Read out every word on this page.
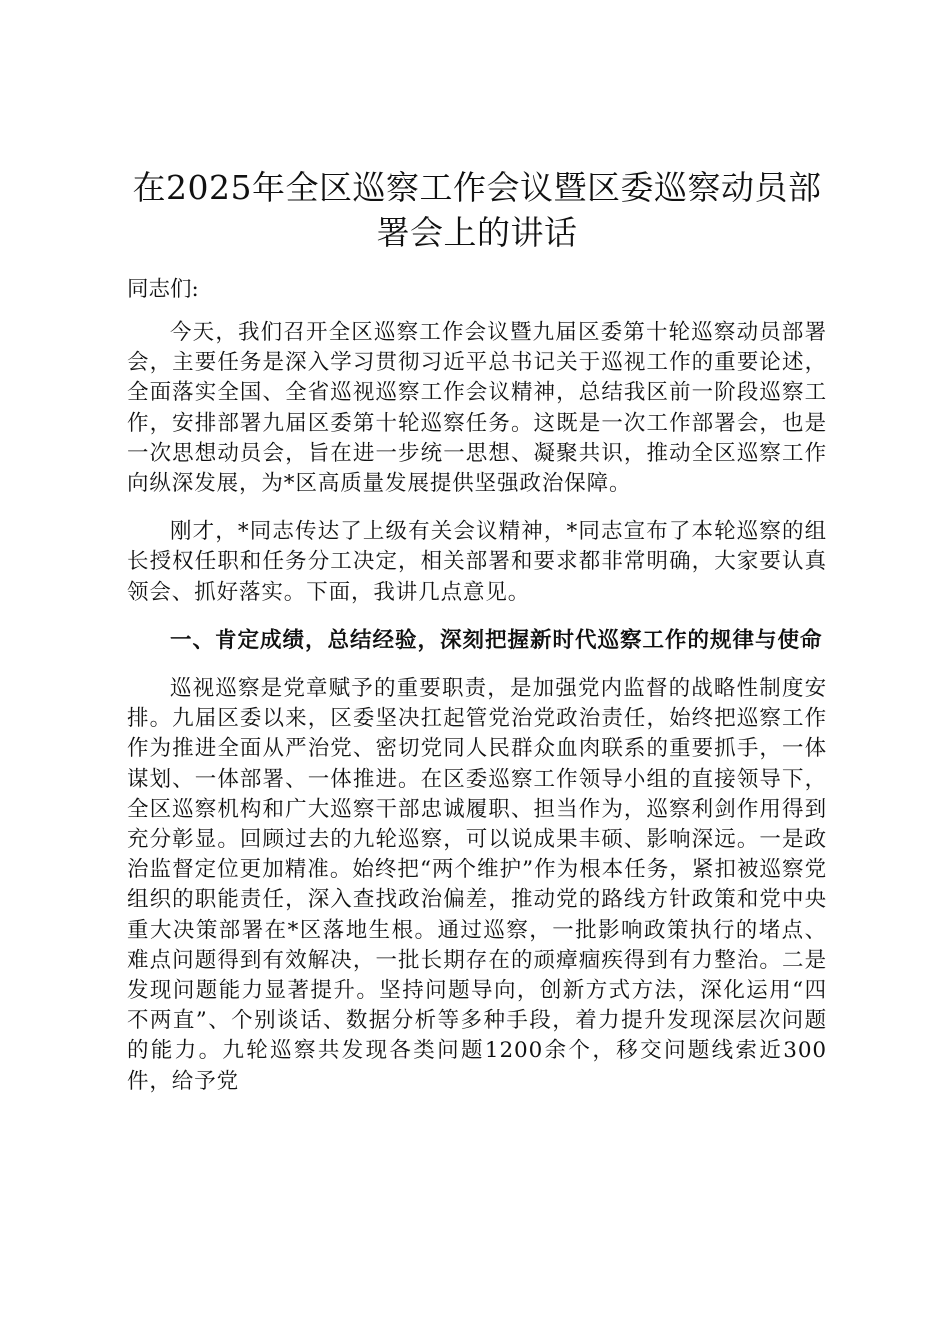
在2025年全区巡察工作会议暨区委巡察动员部署会上的讲话

同志们:

今天，我们召开全区巡察工作会议暨九届区委第十轮巡察动员部署会，主要任务是深入学习贯彻习近平总书记关于巡视工作的重要论述，全面落实全国、全省巡视巡察工作会议精神，总结我区前一阶段巡察工作，安排部署九届区委第十轮巡察任务。这既是一次工作部署会，也是一次思想动员会，旨在进一步统一思想、凝聚共识，推动全区巡察工作向纵深发展，为*区高质量发展提供坚强政治保障。

刚才，*同志传达了上级有关会议精神，*同志宣布了本轮巡察的组长授权任职和任务分工决定，相关部署和要求都非常明确，大家要认真领会、抓好落实。下面，我讲几点意见。

一、肯定成绩，总结经验，深刻把握新时代巡察工作的规律与使命

巡视巡察是党章赋予的重要职责，是加强党内监督的战略性制度安排。九届区委以来，区委坚决扛起管党治党政治责任，始终把巡察工作作为推进全面从严治党、密切党同人民群众血肉联系的重要抓手，一体谋划、一体部署、一体推进。在区委巡察工作领导小组的直接领导下，全区巡察机构和广大巡察干部忠诚履职、担当作为，巡察利剑作用得到充分彰显。回顾过去的九轮巡察，可以说成果丰硕、影响深远。一是政治监督定位更加精准。始终把“两个维护”作为根本任务，紧扣被巡察党组织的职能责任，深入查找政治偏差，推动党的路线方针政策和党中央重大决策部署在*区落地生根。通过巡察，一批影响政策执行的堵点、难点问题得到有效解决，一批长期存在的顽瘴痼疾得到有力整治。二是发现问题能力显著提升。坚持问题导向，创新方式方法，深化运用“四不两直”、个别谈话、数据分析等多种手段，着力提升发现深层次问题的能力。九轮巡察共发现各类问题1200余个，移交问题线索近300件，给予党
